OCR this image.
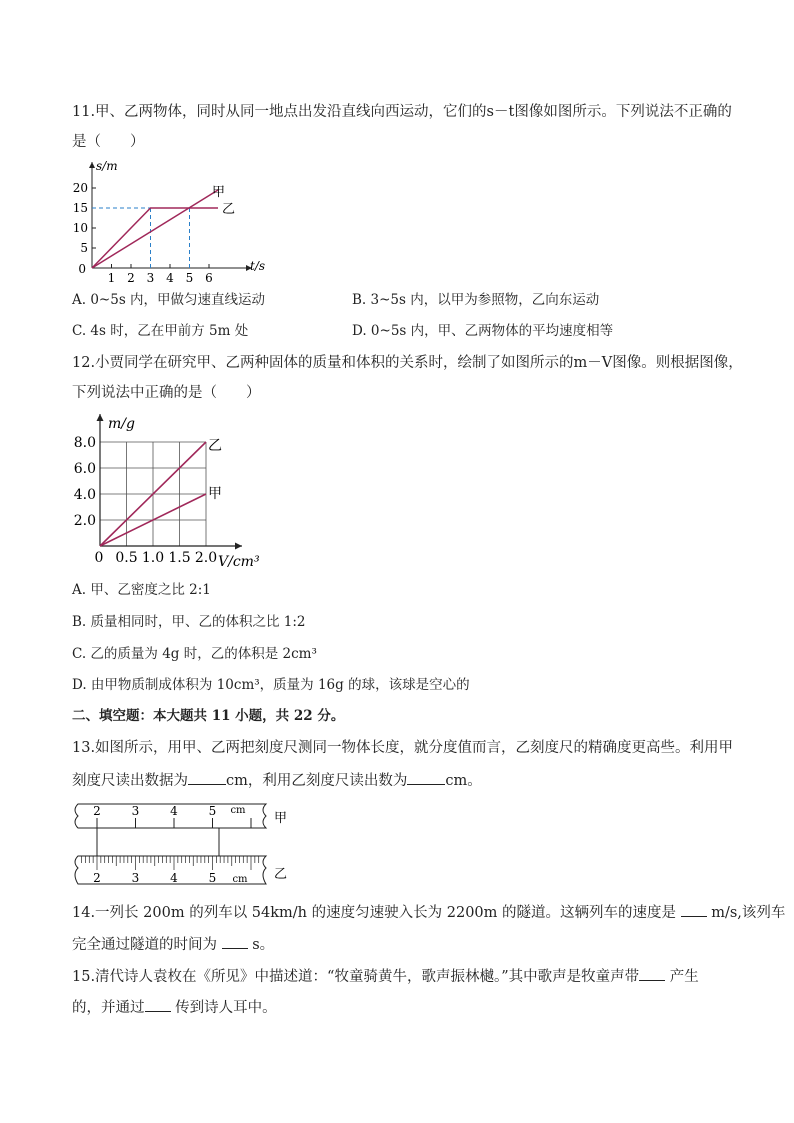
11.甲、乙两物体，同时从同一地点出发沿直线向西运动，它们的s－t图像如图所示。下列说法不正确的
是（　　）
20
15
10
5
0
1 2 3 4 5 6
s/m
t/s
甲
乙
A. 0~5s 内，甲做匀速直线运动	B. 3~5s 内，以甲为参照物，乙向东运动
C. 4s 时，乙在甲前方 5m 处	D. 0~5s 内，甲、乙两物体的平均速度相等
12.小贾同学在研究甲、乙两种固体的质量和体积的关系时，绘制了如图所示的m－V图像。则根据图像，
下列说法中正确的是（　　）
8.0
6.0
4.0
2.0
0 0.5 1.0 1.5 2.0
m/g
V/cm³
乙
甲
A. 甲、乙密度之比 2:1
B. 质量相同时，甲、乙的体积之比 1:2
C. 乙的质量为 4g 时，乙的体积是 2cm³
D. 由甲物质制成体积为 10cm³，质量为 16g 的球，该球是空心的
二、填空题：本大题共 11 小题，共 22 分。
13.如图所示，用甲、乙两把刻度尺测同一物体长度，就分度值而言，乙刻度尺的精确度更高些。利用甲
刻度尺读出数据为	cm，利用乙刻度尺读出数为	cm。
2	3	4	5 cm
甲
2	3	4	5 cm 乙
14.一列长 200m 的列车以 54km/h 的速度匀速驶入长为 2200m 的隧道。这辆列车的速度是 m/s,该列车
完全通过隧道的时间为 s。
15.清代诗人袁枚在《所见》中描述道：“牧童骑黄牛，歌声振林樾。”其中歌声是牧童声带 产生
的，并通过 传到诗人耳中。
